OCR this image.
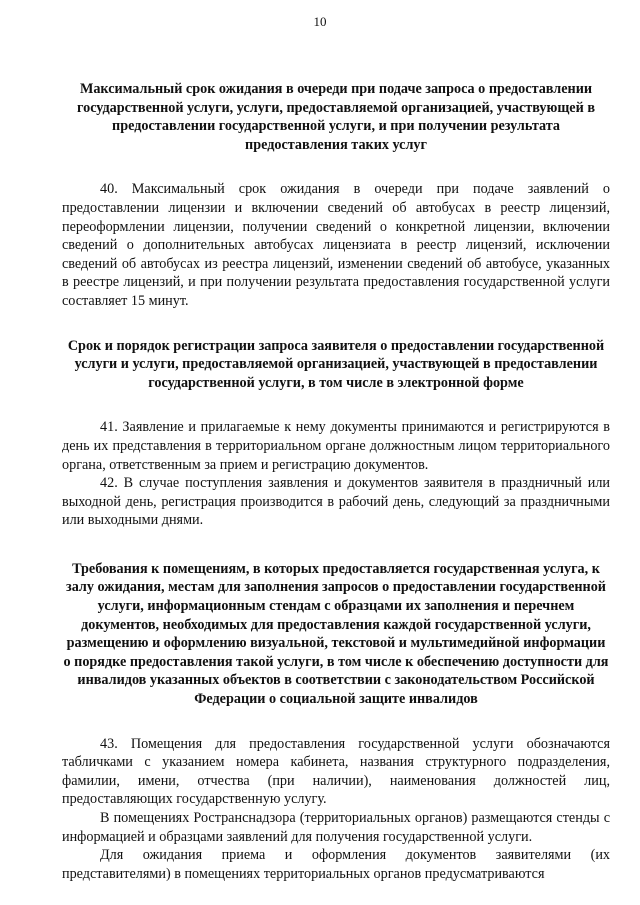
10

Максимальный срок ожидания в очереди при подаче запроса о предоставлении государственной услуги, услуги, предоставляемой организацией, участвующей в предоставлении государственной услуги, и при получении результата предоставления таких услуг

40. Максимальный срок ожидания в очереди при подаче заявлений о предоставлении лицензии и включении сведений об автобусах в реестр лицензий, переоформлении лицензии, получении сведений о конкретной лицензии, включении сведений о дополнительных автобусах лицензиата в реестр лицензий, исключении сведений об автобусах из реестра лицензий, изменении сведений об автобусе, указанных в реестре лицензий, и при получении результата предоставления государственной услуги составляет 15 минут.

Срок и порядок регистрации запроса заявителя о предоставлении государственной услуги и услуги, предоставляемой организацией, участвующей в предоставлении государственной услуги, в том числе в электронной форме

41. Заявление и прилагаемые к нему документы принимаются и регистрируются в день их представления в территориальном органе должностным лицом территориального органа, ответственным за прием и регистрацию документов.

42. В случае поступления заявления и документов заявителя в праздничный или выходной день, регистрация производится в рабочий день, следующий за праздничными или выходными днями.

Требования к помещениям, в которых предоставляется государственная услуга, к залу ожидания, местам для заполнения запросов о предоставлении государственной услуги, информационным стендам с образцами их заполнения и перечнем документов, необходимых для предоставления каждой государственной услуги, размещению и оформлению визуальной, текстовой и мультимедийной информации о порядке предоставления такой услуги, в том числе к обеспечению доступности для инвалидов указанных объектов в соответствии с законодательством Российской Федерации о социальной защите инвалидов

43. Помещения для предоставления государственной услуги обозначаются табличками с указанием номера кабинета, названия структурного подразделения, фамилии, имени, отчества (при наличии), наименования должностей лиц, предоставляющих государственную услугу.

В помещениях Ространснадзора (территориальных органов) размещаются стенды с информацией и образцами заявлений для получения государственной услуги.

Для ожидания приема и оформления документов заявителями (их представителями) в помещениях территориальных органов предусматриваются
